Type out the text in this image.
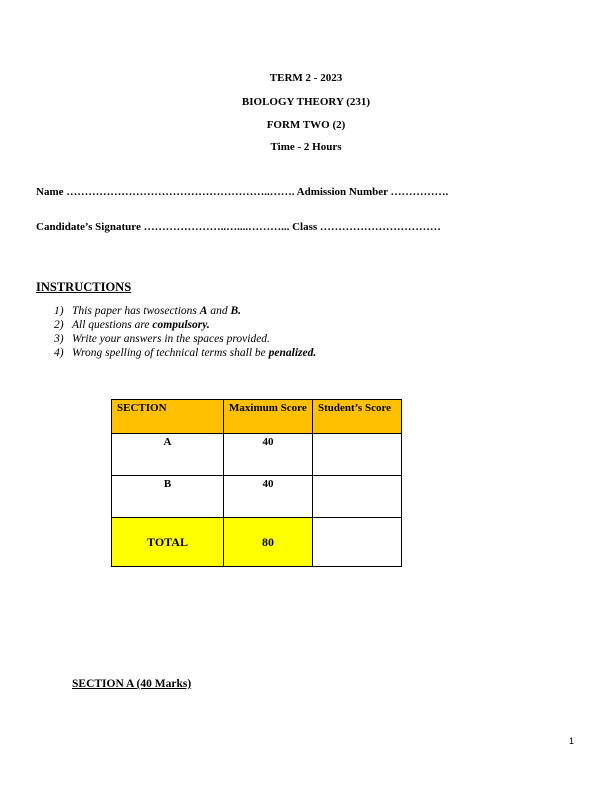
TERM 2 - 2023
BIOLOGY THEORY (231)
FORM TWO (2)
Time - 2 Hours
Name ………………………………………………..……. Admission Number …………….
Candidate’s Signature …………………..…....………... Class ……………………………
INSTRUCTIONS
1) This paper has twosections A and B.
2) All questions are compulsory.
3) Write your answers in the spaces provided.
4) Wrong spelling of technical terms shall be penalized.
SECTION	Maximum Score	Student’s Score
A	40	
B	40	
TOTAL	80	
SECTION A (40 Marks)
1
